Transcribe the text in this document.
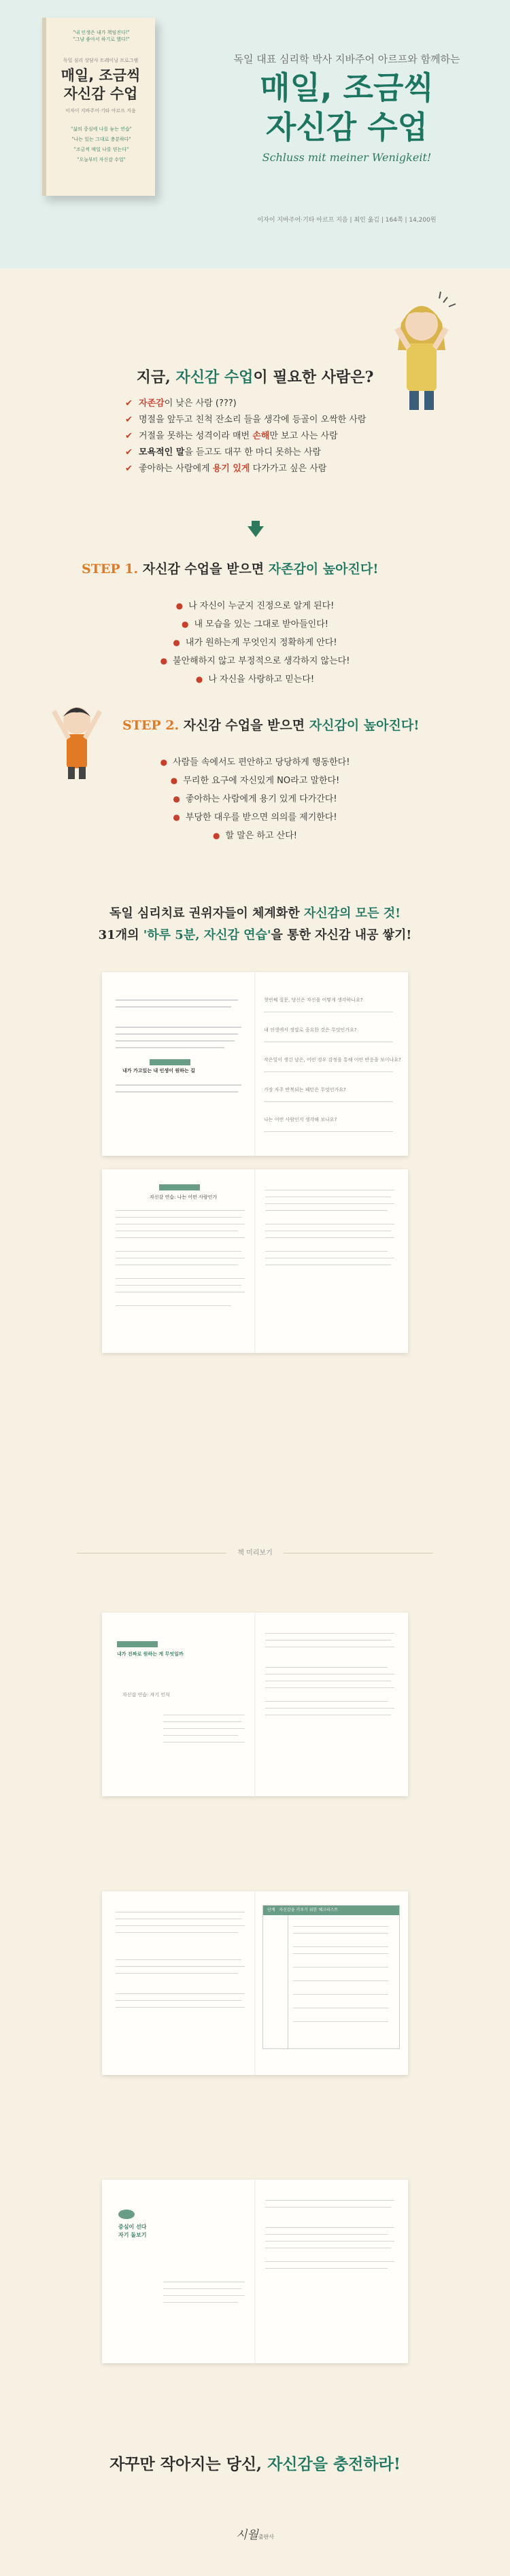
"내 인생은 내가 책임진다!"
"그냥 좋아서 하기로 했다!"
독일 심리 상담사 트레이닝 프로그램
매일, 조금씩
자신감 수업
이자이 지바주어·기타 아르프 지음
"삶의 중심에 나를 놓는 연습"
"나는 있는 그대로 충분하다"
"조금씩 매일 나를 믿는다"
"오늘부터 자신감 수업"
독일 대표 심리학 박사 지바주어 아르프와 함께하는
매일, 조금씩
자신감 수업
Schluss mit meiner Wenigkeit!
이자이 지바주어·기타 아르프 지음 | 최인 옮김 | 164쪽 | 14,200원
지금, 자신감 수업이 필요한 사람은?
✔ 자존감이 낮은 사람 (???)
✔ 명절을 앞두고 친척 잔소리 들을 생각에 등골이 오싹한 사람
✔ 거절을 못하는 성격이라 매번 손해만 보고 사는 사람
✔ 모욕적인 말을 듣고도 대꾸 한 마디 못하는 사람
✔ 좋아하는 사람에게 용기 있게 다가가고 싶은 사람
STEP 1. 자신감 수업을 받으면 자존감이 높아진다!
● 나 자신이 누군지 진정으로 알게 된다!
● 내 모습을 있는 그대로 받아들인다!
● 내가 원하는게 무엇인지 정확하게 안다!
● 불안해하지 않고 부정적으로 생각하지 않는다!
● 나 자신을 사랑하고 믿는다!
STEP 2. 자신감 수업을 받으면 자신감이 높아진다!
● 사람들 속에서도 편안하고 당당하게 행동한다!
● 무리한 요구에 자신있게 NO라고 말한다!
● 좋아하는 사람에게 용기 있게 다가간다!
● 부당한 대우를 받으면 의의를 제기한다!
● 할 말은 하고 산다!
독일 심리치료 권위자들이 체계화한 자신감의 모든 것!
31개의 '하루 5분, 자신감 연습'을 통한 자신감 내공 쌓기!
내가 가고있는 내 인생이 원하는 길
첫번째 질문, 당신은 자신을 어떻게 생각하나요?
내 인생에서 정말로 중요한 것은 무엇인가요?
작은일이 생긴 날은, 어떤 경우 감정을 통해 어떤 반응을 보이나요?
가장 자주 반복되는 패턴은 무엇인가요?
나는 어떤 사람인지 생각해 보나요?
자신감 연습: 나는 어떤 사람인가
책 미리보기
내가 진짜로 원하는 게 무엇일까
자신감 연습: 자기 인식
단계 자신감을 키우기 위한 체크리스트
중심이 선다
자기 돌보기
자꾸만 작아지는 당신, 자신감을 충전하라!
시월출판사
